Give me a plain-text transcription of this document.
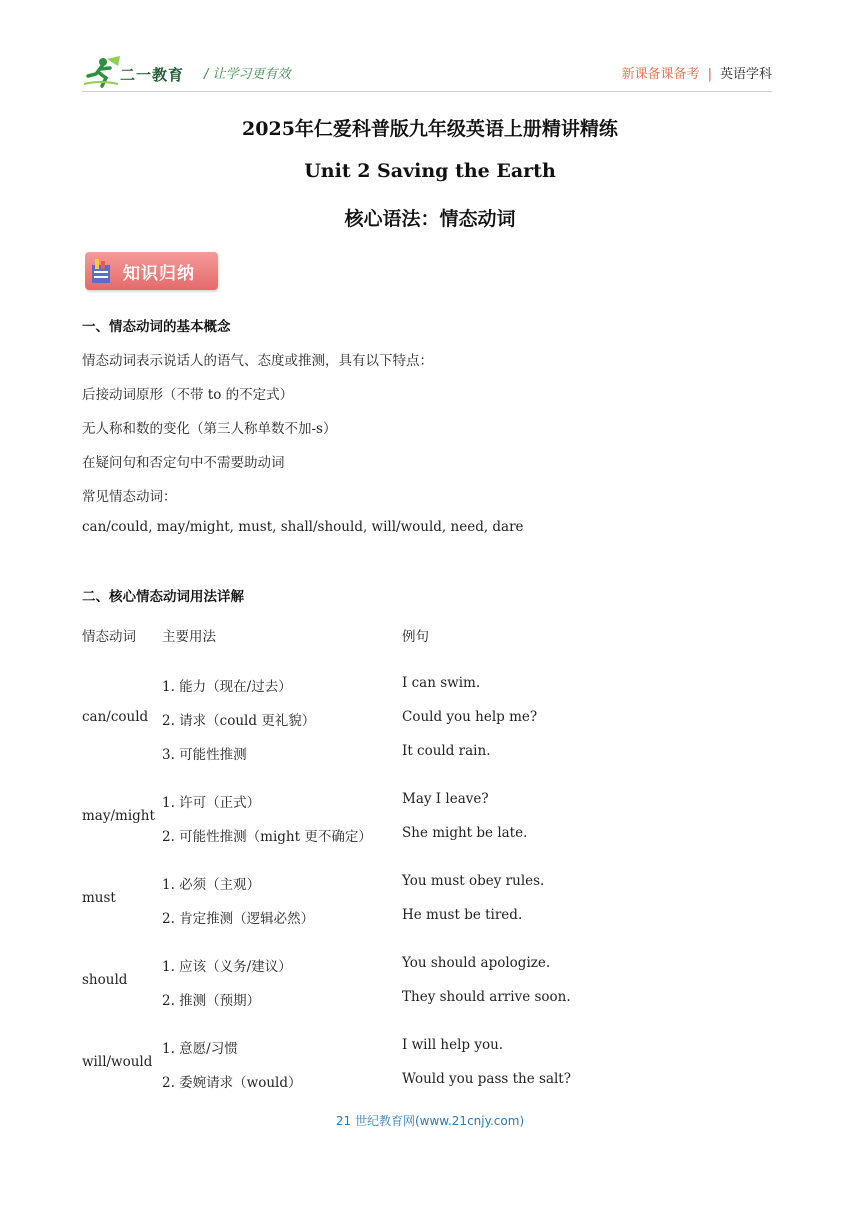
二一教育 / 让学习更有效	新课备课备考 | 英语学科
2025年仁爱科普版九年级英语上册精讲精练
Unit 2 Saving the Earth
核心语法：情态动词
知识归纳
一、情态动词的基本概念
情态动词表示说话人的语气、态度或推测，具有以下特点：
后接动词原形（不带 to 的不定式）
无人称和数的变化（第三人称单数不加-s）
在疑问句和否定句中不需要助动词
常见情态动词：
can/could, may/might, must, shall/should, will/would, need, dare
二、核心情态动词用法详解
情态动词 主要用法	例句
can/could
1. 能力（现在/过去）	I can swim.
2. 请求（could 更礼貌）	Could you help me?
3. 可能性推测	It could rain.
may/might
1. 许可（正式）	May I leave?
2. 可能性推测（might 更不确定） She might be late.
must
1. 必须（主观）	You must obey rules.
2. 肯定推测（逻辑必然）	He must be tired.
should
1. 应该（义务/建议）	You should apologize.
2. 推测（预期）	They should arrive soon.
will/would
1. 意愿/习惯	I will help you.
2. 委婉请求（would）	Would you pass the salt?
21 世纪教育网(www.21cnjy.com)
